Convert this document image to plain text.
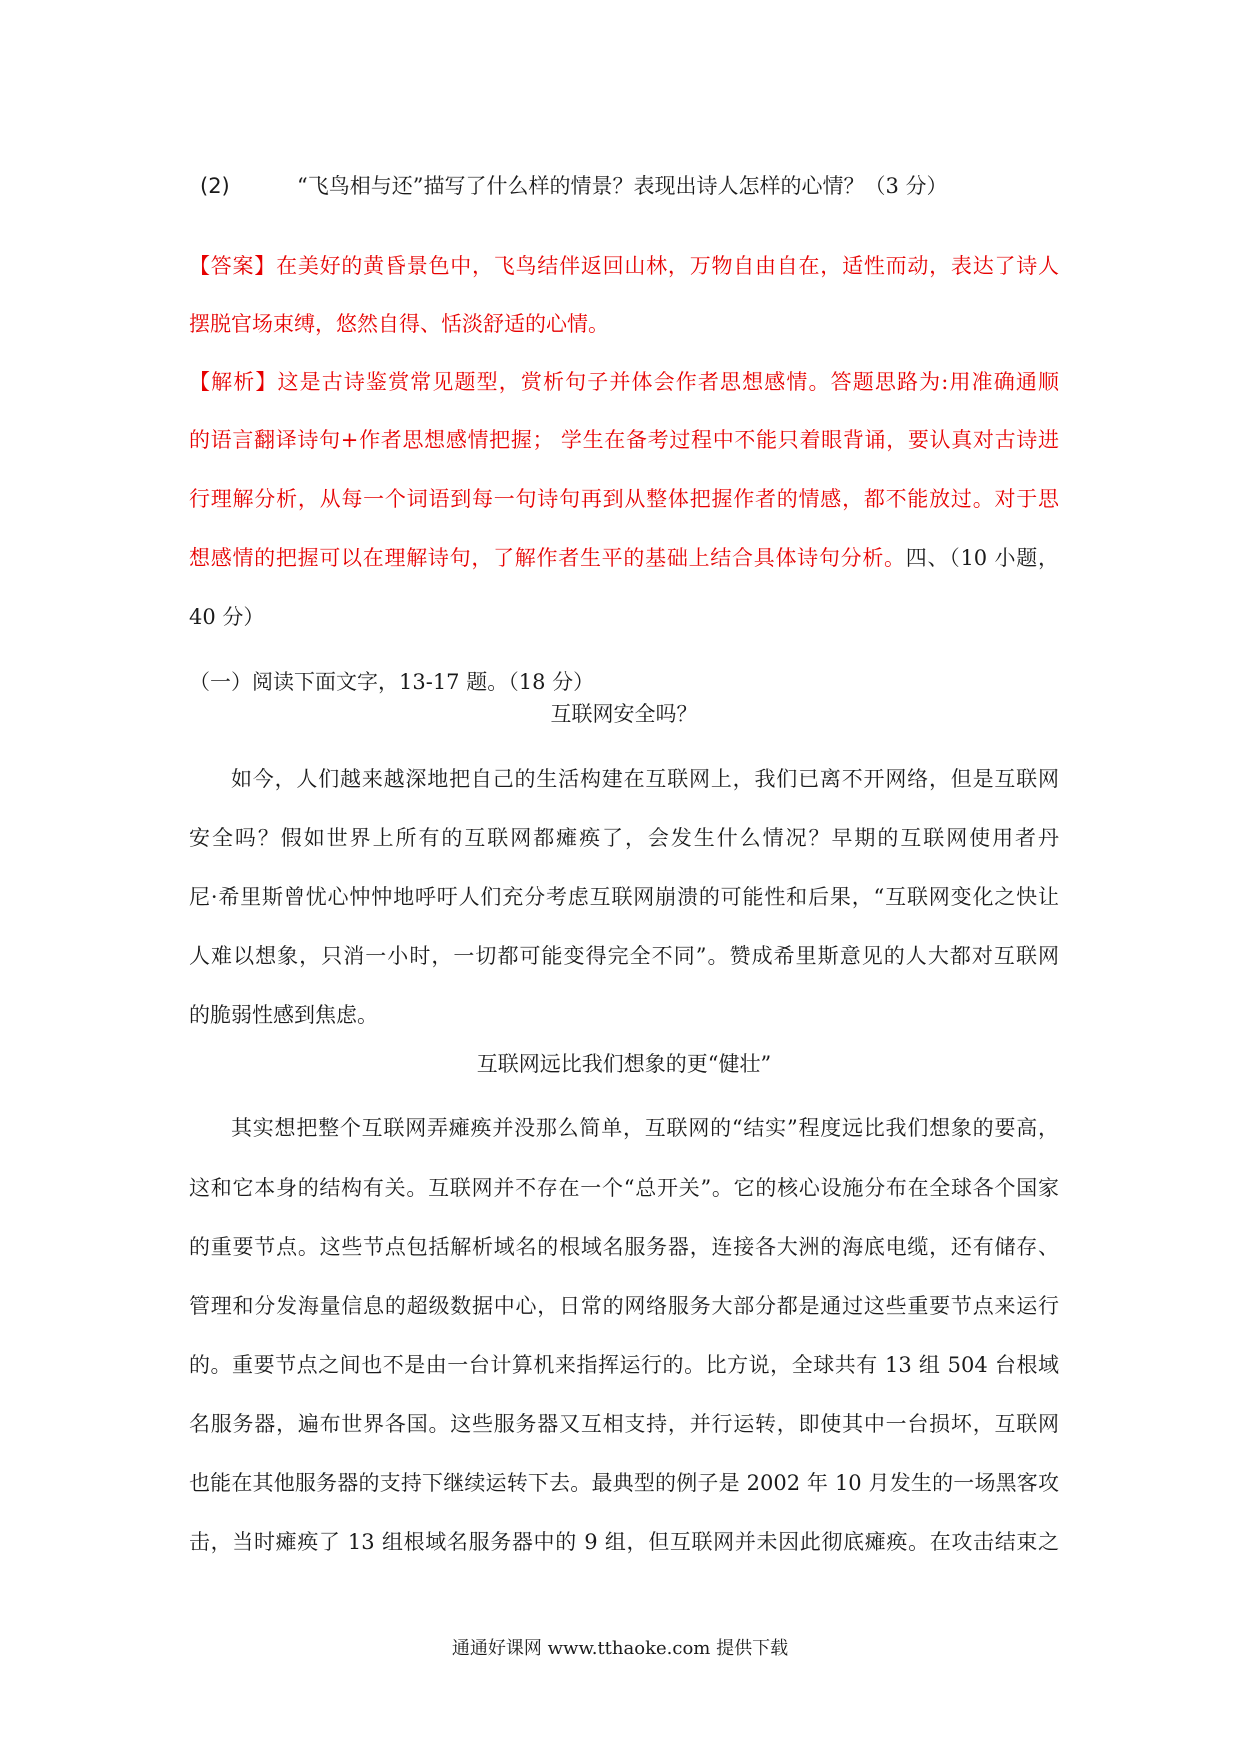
(2)	“飞鸟相与还”描写了什么样的情景？表现出诗人怎样的心情？（3 分）
【答案】在美好的黄昏景色中，飞鸟结伴返回山林，万物自由自在，适性而动，表达了诗人
摆脱官场束缚，悠然自得、恬淡舒适的心情。
【解析】这是古诗鉴赏常见题型，赏析句子并体会作者思想感情。答题思路为:用准确通顺
的语言翻译诗句+作者思想感情把握； 学生在备考过程中不能只着眼背诵，要认真对古诗进
行理解分析，从每一个词语到每一句诗句再到从整体把握作者的情感，都不能放过。对于思
想感情的把握可以在理解诗句，了解作者生平的基础上结合具体诗句分析。四、（10 小题，
40 分）
（一）阅读下面文字，13-17 题。（18 分）
互联网安全吗？
如今，人们越来越深地把自己的生活构建在互联网上，我们已离不开网络，但是互联网
安全吗？假如世界上所有的互联网都瘫痪了，会发生什么情况？早期的互联网使用者丹
尼·希里斯曾忧心忡忡地呼吁人们充分考虑互联网崩溃的可能性和后果，“互联网变化之快让
人难以想象，只消一小时，一切都可能变得完全不同”。赞成希里斯意见的人大都对互联网
的脆弱性感到焦虑。
互联网远比我们想象的更“健壮”
其实想把整个互联网弄瘫痪并没那么简单，互联网的“结实”程度远比我们想象的要高，
这和它本身的结构有关。互联网并不存在一个“总开关”。它的核心设施分布在全球各个国家
的重要节点。这些节点包括解析域名的根域名服务器，连接各大洲的海底电缆，还有储存、
管理和分发海量信息的超级数据中心，日常的网络服务大部分都是通过这些重要节点来运行
的。重要节点之间也不是由一台计算机来指挥运行的。比方说，全球共有 13 组 504 台根域
名服务器，遍布世界各国。这些服务器又互相支持，并行运转，即使其中一台损坏，互联网
也能在其他服务器的支持下继续运转下去。最典型的例子是 2002 年 10 月发生的一场黑客攻
击，当时瘫痪了 13 组根域名服务器中的 9 组，但互联网并未因此彻底瘫痪。在攻击结束之
通通好课网 www.tthaoke.com 提供下载
